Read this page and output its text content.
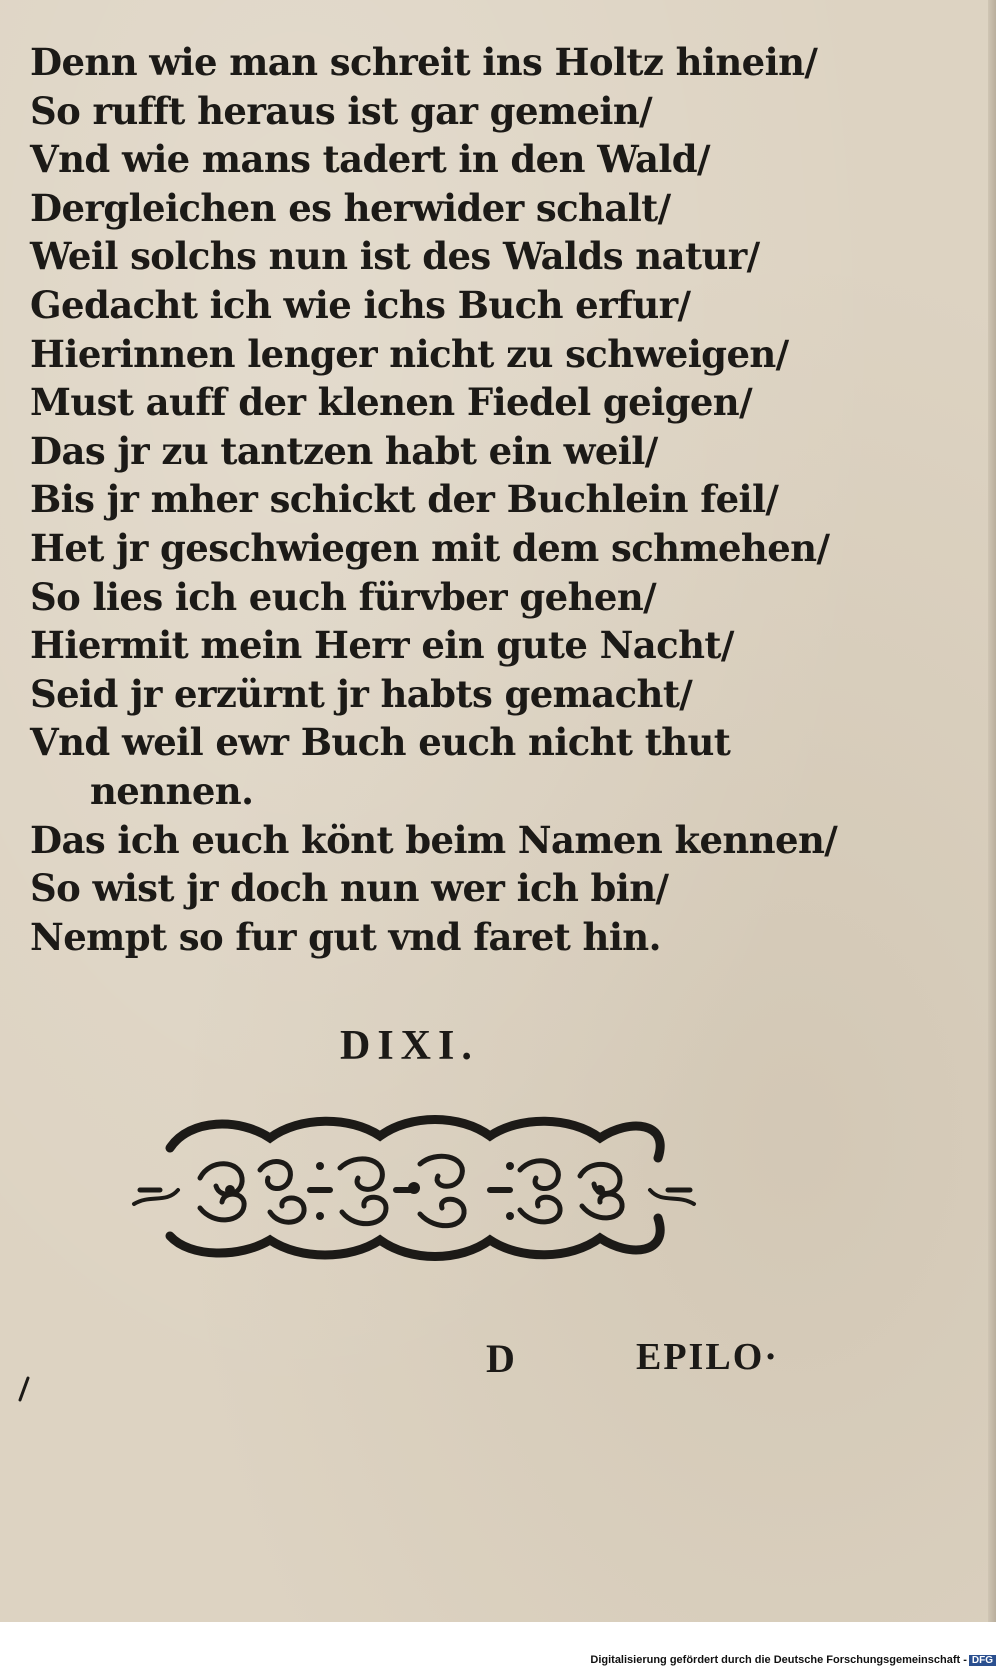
Denn wie man schreit ins Holtz hinein/
So rufft heraus ist gar gemein/
Vnd wie mans tadert in den Wald/
Dergleichen es herwider schalt/
Weil solchs nun ist des Walds natur/
Gedacht ich wie ichs Buch erfur/
Hierinnen lenger nicht zu schweigen/
Must auff der klenen Fiedel geigen/
Das jr zu tantzen habt ein weil/
Bis jr mher schickt der Buchlein feil/
Het jr geschwiegen mit dem schmehen/
So lies ich euch fürvber gehen/
Hiermit mein Herr ein gute Nacht/
Seid jr erzürnt jr habts gemacht/
Vnd weil ewr Buch euch nicht thut
nennen.
Das ich euch könt beim Namen kennen/
So wist jr doch nun wer ich bin/
Nempt so fur gut vnd faret hin.
DIXI.
D	EPILO·
Digitalisierung gefördert durch die Deutsche Forschungsgemeinschaft - DFG
